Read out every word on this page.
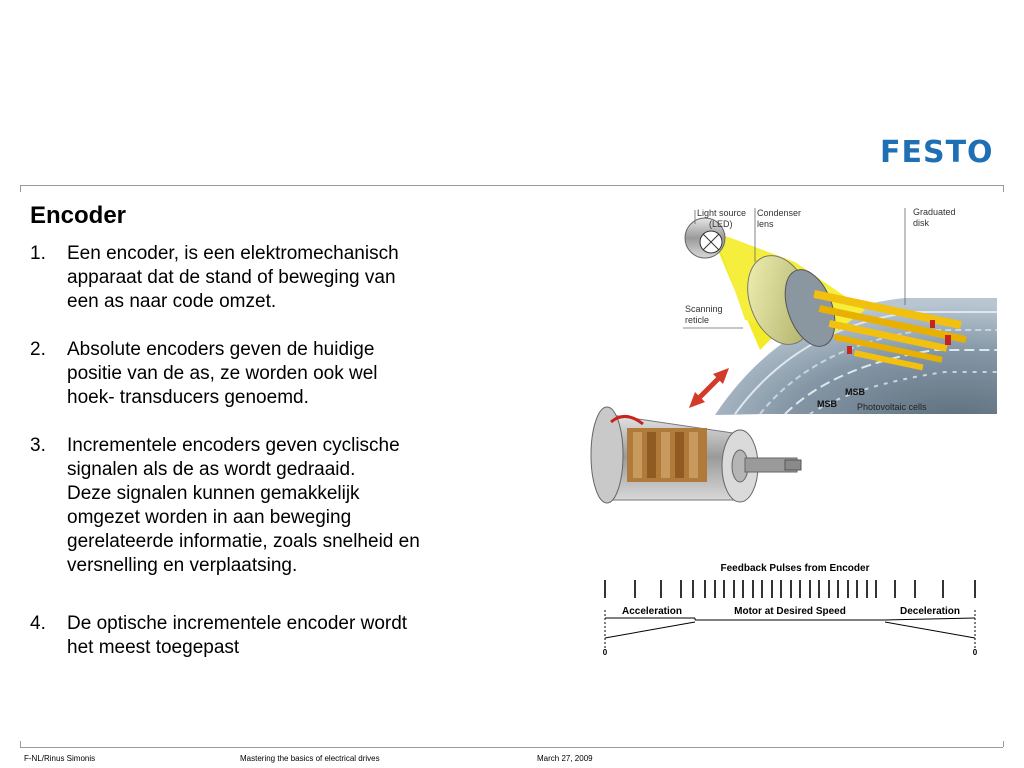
FESTO
Encoder
1. Een encoder, is een elektromechanisch
apparaat dat de stand of beweging van
een as naar code omzet.
2. Absolute encoders geven de huidige
positie van de as, ze worden ook wel
hoek- transducers genoemd.
3. Incrementele encoders geven cyclische
signalen als de as wordt gedraaid.
Deze signalen kunnen gemakkelijk
omgezet worden in aan beweging
gerelateerde informatie, zoals snelheid en
versnelling en verplaatsing.
4. De optische incrementele encoder wordt
het meest toegepast
Light source
(LED)
Condenser
lens
Graduated
disk
Scanning
reticle
MSB
MSB Photovoltaic cells
Feedback Pulses from Encoder
Acceleration	Motor at Desired Speed	Deceleration
0	0
F-NL/Rinus Simonis	Mastering the basics of electrical drives	March 27, 2009
